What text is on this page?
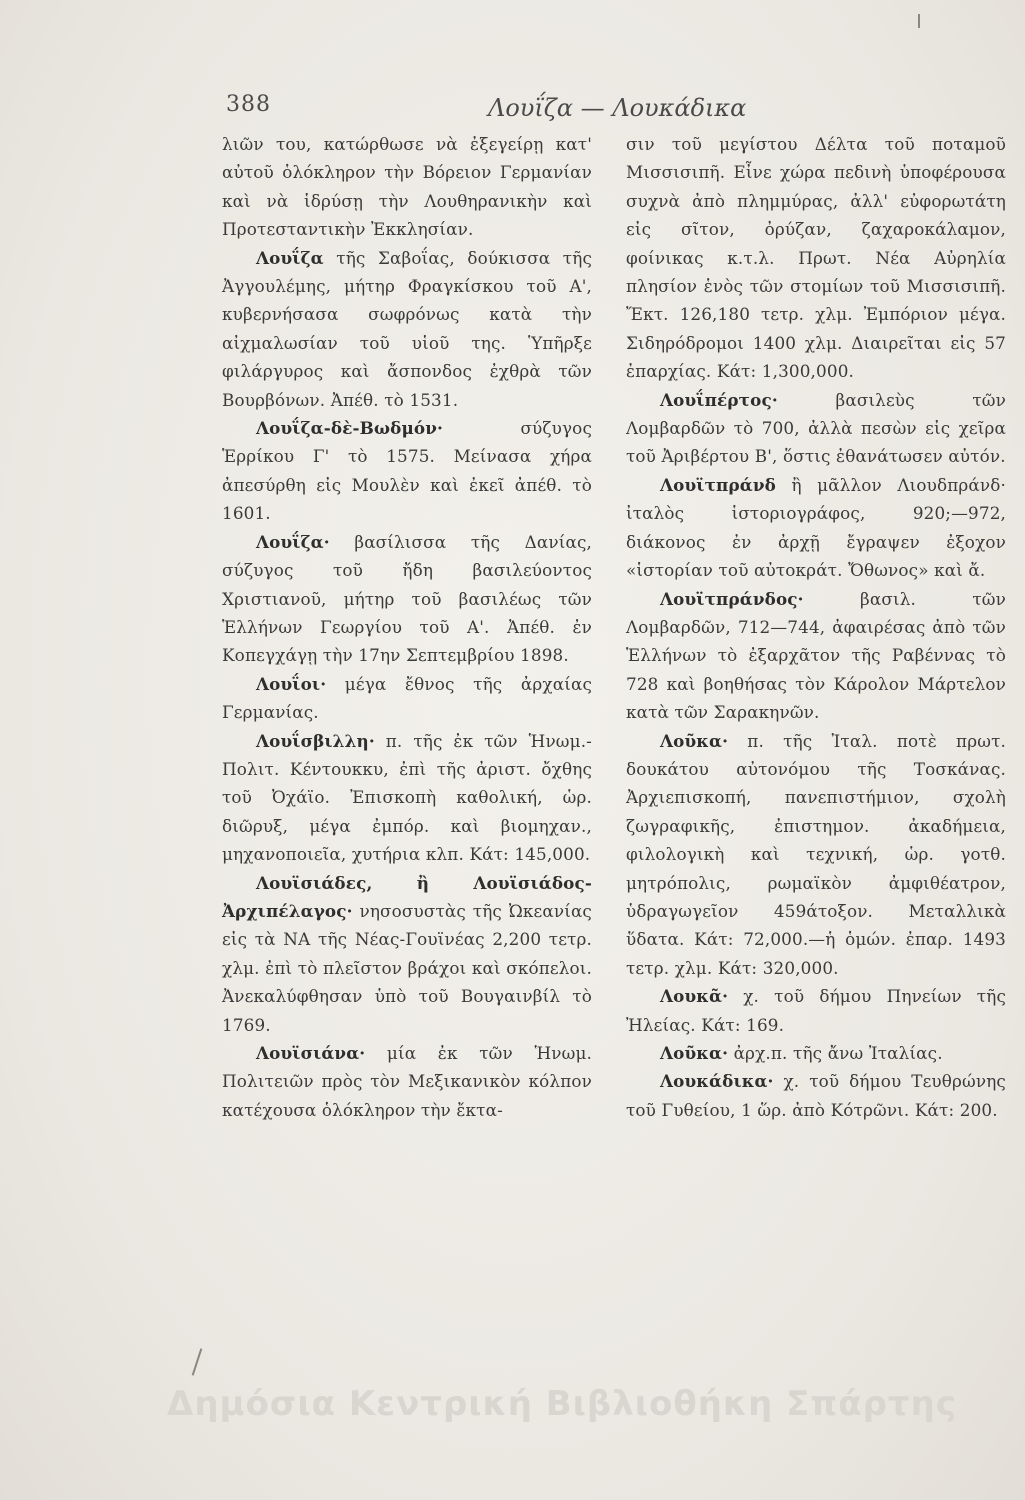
388	Λουΐζα — Λουκάδικα

λιῶν του, κατώρθωσε νὰ ἐξεγείρῃ κατ' αὐτοῦ ὁλόκληρον τὴν Βόρειον Γερμανίαν καὶ νὰ ἱδρύσῃ τὴν Λουθηρανικὴν καὶ Προτεσταντικὴν Ἐκκλησίαν.

Λουΐζα τῆς Σαβοΐας, δούκισσα τῆς Ἀγγουλέμης, μήτηρ Φραγκίσκου τοῦ Α', κυβερνήσασα σωφρόνως κατὰ τὴν αἰχμαλωσίαν τοῦ υἱοῦ της. Ὑπῆρξε φιλάργυρος καὶ ἄσπονδος ἐχθρὰ τῶν Βουρβόνων. Ἀπέθ. τὸ 1531.

Λουΐζα-δὲ-Βωδμόν· σύζυγος Ἑρρίκου Γ' τὸ 1575. Μείνασα χήρα ἀπεσύρθη εἰς Μουλὲν καὶ ἐκεῖ ἀπέθ. τὸ 1601.

Λουΐζα· βασίλισσα τῆς Δανίας, σύζυγος τοῦ ἤδη βασιλεύοντος Χριστιανοῦ, μήτηρ τοῦ βασιλέως τῶν Ἑλλήνων Γεωργίου τοῦ Α'. Ἀπέθ. ἐν Κοπεγχάγῃ τὴν 17ην Σεπτεμβρίου 1898.

Λουΐοι· μέγα ἔθνος τῆς ἀρχαίας Γερμανίας.

Λουΐσβιλλη· π. τῆς ἐκ τῶν Ἡνωμ.-Πολιτ. Κέντουκκυ, ἐπὶ τῆς ἀριστ. ὄχθης τοῦ Ὀχάϊο. Ἐπισκοπὴ καθολική, ὡρ. διῶρυξ, μέγα ἐμπόρ. καὶ βιομηχαν., μηχανοποιεῖα, χυτήρια κλπ. Κάτ: 145,000.

Λουϊσιάδες, ἢ Λουϊσιάδος-Ἀρχιπέλαγος· νησοσυστὰς τῆς Ὠκεανίας εἰς τὰ ΝΑ τῆς Νέας-Γουϊνέας 2,200 τετρ. χλμ. ἐπὶ τὸ πλεῖστον βράχοι καὶ σκόπελοι. Ἀνεκαλύφθησαν ὑπὸ τοῦ Βουγαινβίλ τὸ 1769.

Λουϊσιάνα· μία ἐκ τῶν Ἡνωμ. Πολιτειῶν πρὸς τὸν Μεξικανικὸν κόλπον κατέχουσα ὁλόκληρον τὴν ἔκτα-

σιν τοῦ μεγίστου Δέλτα τοῦ ποταμοῦ Μισσισιπῆ. Εἶνε χώρα πεδινὴ ὑποφέρουσα συχνὰ ἀπὸ πλημμύρας, ἀλλ' εὐφορωτάτη εἰς σῖτον, ὀρύζαν, ζαχαροκάλαμον, φοίνικας κ.τ.λ. Πρωτ. Νέα Αὐρηλία πλησίον ἑνὸς τῶν στομίων τοῦ Μισσισιπῆ. Ἔκτ. 126,180 τετρ. χλμ. Ἐμπόριον μέγα. Σιδηρόδρομοι 1400 χλμ. Διαιρεῖται εἰς 57 ἐπαρχίας. Κάτ: 1,300,000.

Λουΐπέρτος· βασιλεὺς τῶν Λομβαρδῶν τὸ 700, ἀλλὰ πεσὼν εἰς χεῖρα τοῦ Ἀριβέρτου Β', ὅστις ἐθανάτωσεν αὐτόν.

Λουϊτπράνδ ἢ μᾶλλον Λιουδπράνδ· ἰταλὸς ἱστοριογράφος, 920;—972, διάκονος ἐν ἀρχῇ ἔγραψεν ἐξοχον «ἱστορίαν τοῦ αὐτοκράτ. Ὄθωνος» καὶ ἄ.

Λουϊτπράνδος· βασιλ. τῶν Λομβαρδῶν, 712—744, ἀφαιρέσας ἀπὸ τῶν Ἑλλήνων τὸ ἐξαρχᾶτον τῆς Ραβέννας τὸ 728 καὶ βοηθήσας τὸν Κάρολον Μάρτελον κατὰ τῶν Σαρακηνῶν.

Λοῦκα· π. τῆς Ἰταλ. ποτὲ πρωτ. δουκάτου αὐτονόμου τῆς Τοσκάνας. Ἀρχιεπισκοπή, πανεπιστήμιον, σχολὴ ζωγραφικῆς, ἐπιστημον. ἀκαδήμεια, φιλολογικὴ καὶ τεχνική, ὡρ. γοτθ. μητρόπολις, ρωμαϊκὸν ἀμφιθέατρον, ὑδραγωγεῖον 459άτοξον. Μεταλλικὰ ὕδατα. Κάτ: 72,000.—ἡ ὁμών. ἐπαρ. 1493 τετρ. χλμ. Κάτ: 320,000.

Λουκᾶ· χ. τοῦ δήμου Πηνείων τῆς Ἠλείας. Κάτ: 169.

Λοῦκα· ἀρχ.π. τῆς ἄνω Ἰταλίας.

Λουκάδικα· χ. τοῦ δήμου Τευθρώνης τοῦ Γυθείου, 1 ὥρ. ἀπὸ Κότρῶνι. Κάτ: 200.

Δημόσια Κεντρική Βιβλιοθήκη Σπάρτης
